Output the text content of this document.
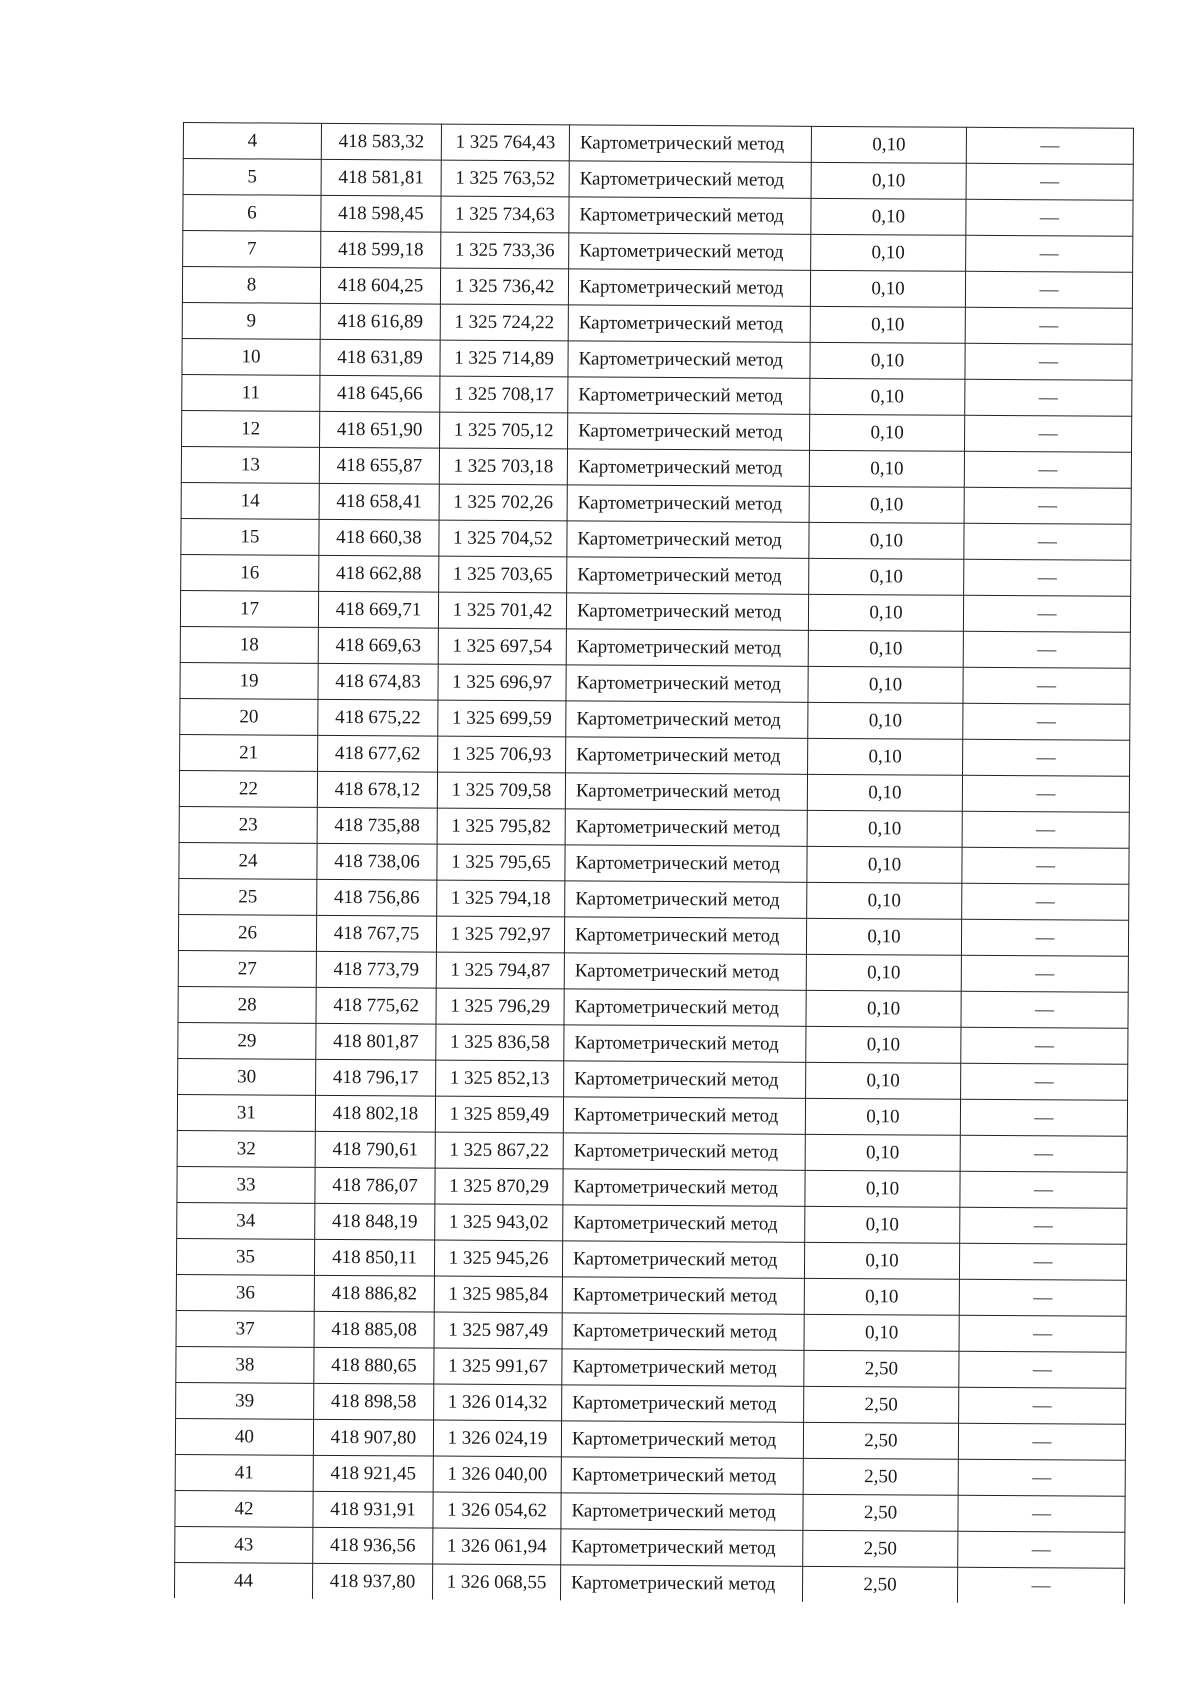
4	418 583,32	1 325 764,43	Картометрический метод	0,10	—
5	418 581,81	1 325 763,52	Картометрический метод	0,10	—
6	418 598,45	1 325 734,63	Картометрический метод	0,10	—
7	418 599,18	1 325 733,36	Картометрический метод	0,10	—
8	418 604,25	1 325 736,42	Картометрический метод	0,10	—
9	418 616,89	1 325 724,22	Картометрический метод	0,10	—
10	418 631,89	1 325 714,89	Картометрический метод	0,10	—
11	418 645,66	1 325 708,17	Картометрический метод	0,10	—
12	418 651,90	1 325 705,12	Картометрический метод	0,10	—
13	418 655,87	1 325 703,18	Картометрический метод	0,10	—
14	418 658,41	1 325 702,26	Картометрический метод	0,10	—
15	418 660,38	1 325 704,52	Картометрический метод	0,10	—
16	418 662,88	1 325 703,65	Картометрический метод	0,10	—
17	418 669,71	1 325 701,42	Картометрический метод	0,10	—
18	418 669,63	1 325 697,54	Картометрический метод	0,10	—
19	418 674,83	1 325 696,97	Картометрический метод	0,10	—
20	418 675,22	1 325 699,59	Картометрический метод	0,10	—
21	418 677,62	1 325 706,93	Картометрический метод	0,10	—
22	418 678,12	1 325 709,58	Картометрический метод	0,10	—
23	418 735,88	1 325 795,82	Картометрический метод	0,10	—
24	418 738,06	1 325 795,65	Картометрический метод	0,10	—
25	418 756,86	1 325 794,18	Картометрический метод	0,10	—
26	418 767,75	1 325 792,97	Картометрический метод	0,10	—
27	418 773,79	1 325 794,87	Картометрический метод	0,10	—
28	418 775,62	1 325 796,29	Картометрический метод	0,10	—
29	418 801,87	1 325 836,58	Картометрический метод	0,10	—
30	418 796,17	1 325 852,13	Картометрический метод	0,10	—
31	418 802,18	1 325 859,49	Картометрический метод	0,10	—
32	418 790,61	1 325 867,22	Картометрический метод	0,10	—
33	418 786,07	1 325 870,29	Картометрический метод	0,10	—
34	418 848,19	1 325 943,02	Картометрический метод	0,10	—
35	418 850,11	1 325 945,26	Картометрический метод	0,10	—
36	418 886,82	1 325 985,84	Картометрический метод	0,10	—
37	418 885,08	1 325 987,49	Картометрический метод	0,10	—
38	418 880,65	1 325 991,67	Картометрический метод	2,50	—
39	418 898,58	1 326 014,32	Картометрический метод	2,50	—
40	418 907,80	1 326 024,19	Картометрический метод	2,50	—
41	418 921,45	1 326 040,00	Картометрический метод	2,50	—
42	418 931,91	1 326 054,62	Картометрический метод	2,50	—
43	418 936,56	1 326 061,94	Картометрический метод	2,50	—
44	418 937,80	1 326 068,55	Картометрический метод	2,50	—
